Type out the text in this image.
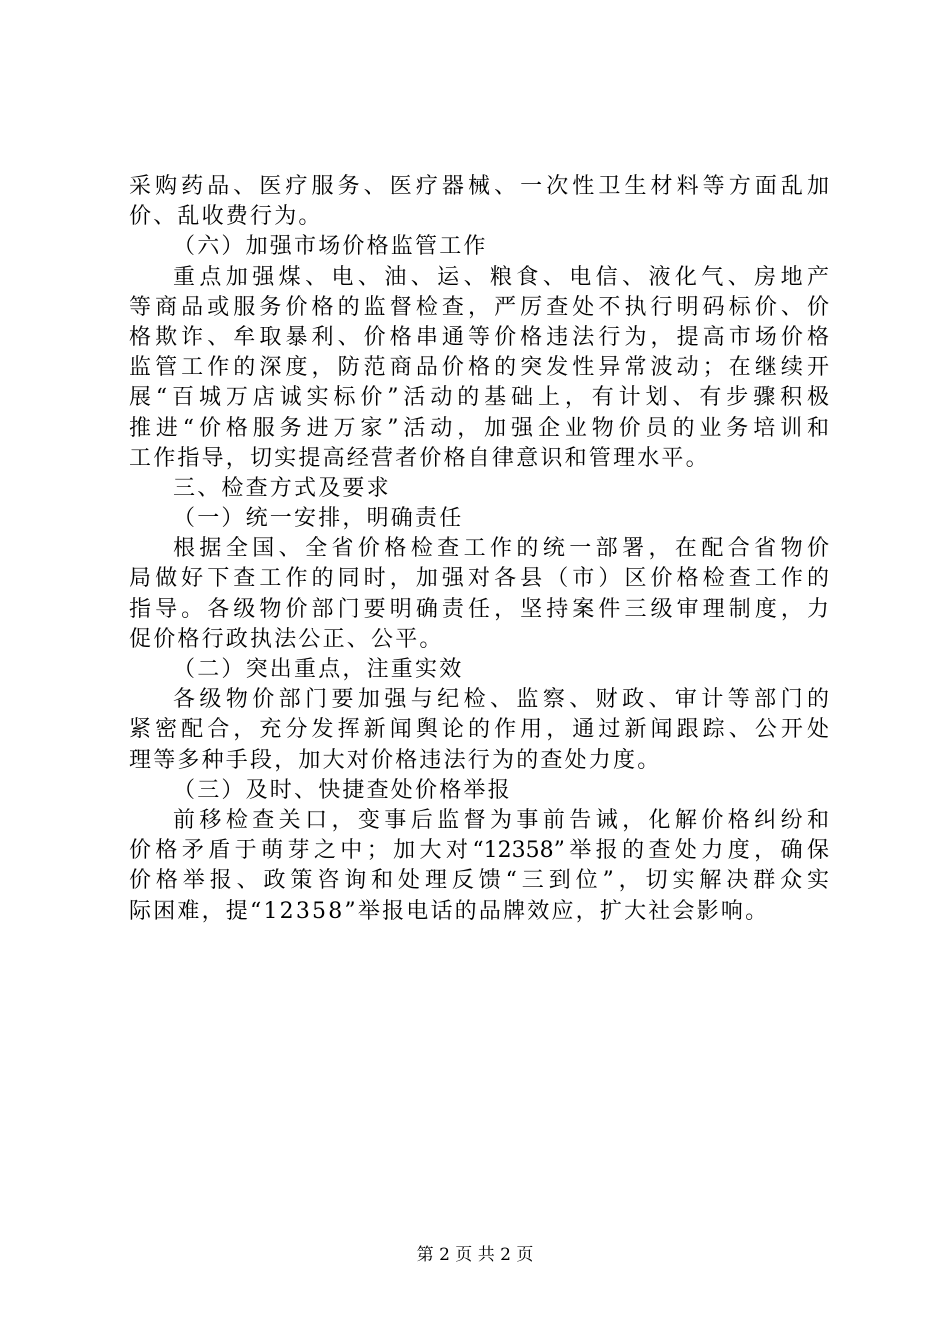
采购药品、医疗服务、医疗器械、一次性卫生材料等方面乱加
价、乱收费行为。
（六）加强市场价格监管工作
重点加强煤、电、油、运、粮食、电信、液化气、房地产
等商品或服务价格的监督检查，严厉查处不执行明码标价、价
格欺诈、牟取暴利、价格串通等价格违法行为，提高市场价格
监管工作的深度，防范商品价格的突发性异常波动；在继续开
展“百城万店诚实标价”活动的基础上，有计划、有步骤积极
推进“价格服务进万家”活动，加强企业物价员的业务培训和
工作指导，切实提高经营者价格自律意识和管理水平。
三、检查方式及要求
（一）统一安排，明确责任
根据全国、全省价格检查工作的统一部署，在配合省物价
局做好下查工作的同时，加强对各县（市）区价格检查工作的
指导。各级物价部门要明确责任，坚持案件三级审理制度，力
促价格行政执法公正、公平。
（二）突出重点，注重实效
各级物价部门要加强与纪检、监察、财政、审计等部门的
紧密配合，充分发挥新闻舆论的作用，通过新闻跟踪、公开处
理等多种手段，加大对价格违法行为的查处力度。
（三）及时、快捷查处价格举报
前移检查关口，变事后监督为事前告诫，化解价格纠纷和
价格矛盾于萌芽之中；加大对“12358”举报的查处力度，确保
价格举报、政策咨询和处理反馈“三到位”，切实解决群众实
际困难，提“12358”举报电话的品牌效应，扩大社会影响。
第 2 页 共 2 页
